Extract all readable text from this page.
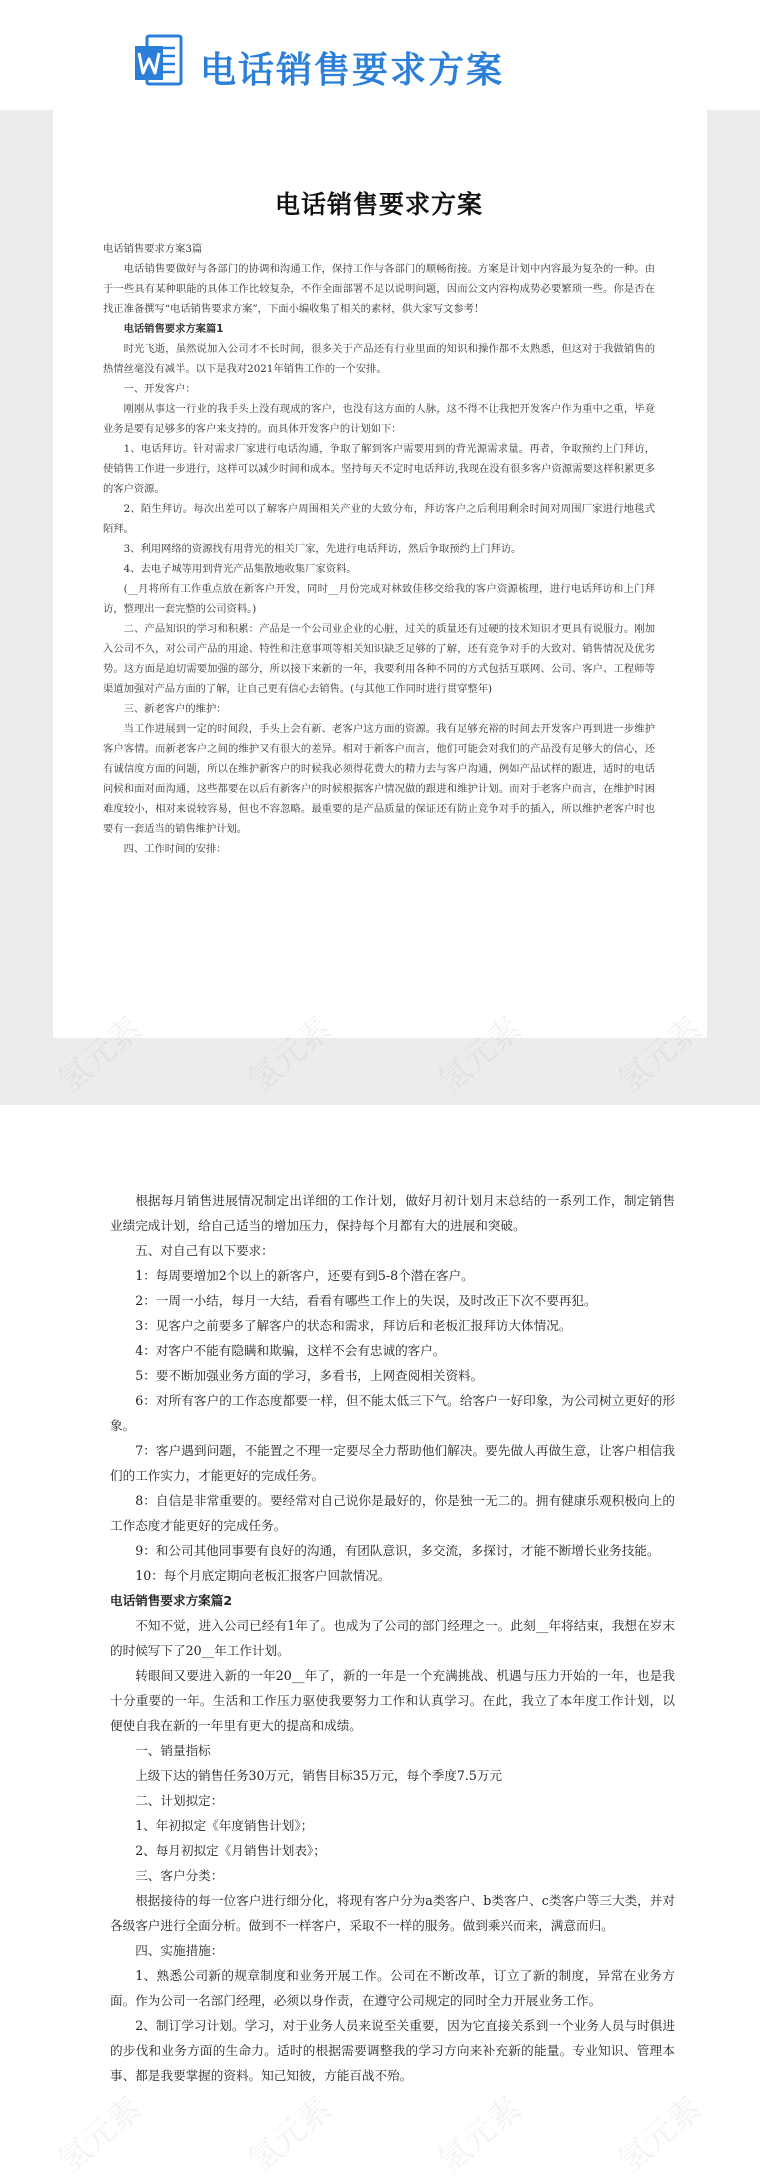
电话销售要求方案
电话销售要求方案

电话销售要求方案3篇

电话销售要做好与各部门的协调和沟通工作，保持工作与各部门的顺畅衔接。方案是计划中内容最为复杂的一种。由于一些具有某种职能的具体工作比较复杂，不作全面部署不足以说明问题，因而公文内容构成势必要繁琐一些。你是否在找正准备撰写“电话销售要求方案”，下面小编收集了相关的素材，供大家写文参考！

电话销售要求方案篇1

时光飞逝，虽然说加入公司才不长时间，很多关于产品还有行业里面的知识和操作都不太熟悉，但这对于我做销售的热情丝毫没有减半。以下是我对2021年销售工作的一个安排。

一、开发客户：

刚刚从事这一行业的我手头上没有现成的客户，也没有这方面的人脉，这不得不让我把开发客户作为重中之重，毕竟业务是要有足够多的客户来支持的。而具体开发客户的计划如下：

1、电话拜访。针对需求厂家进行电话沟通，争取了解到客户需要用到的背光源需求量。再者，争取预约上门拜访，使销售工作进一步进行，这样可以减少时间和成本。坚持每天不定时电话拜访,我现在没有很多客户资源需要这样积累更多的客户资源。

2、陌生拜访。每次出差可以了解客户周围相关产业的大致分布，拜访客户之后利用剩余时间对周围厂家进行地毯式陌拜。

3、利用网络的资源找有用背光的相关厂家，先进行电话拜访，然后争取预约上门拜访。

4、去电子城等用到背光产品集散地收集厂家资料。

(__月将所有工作重点放在新客户开发，同时__月份完成对林致佳移交给我的客户资源梳理，进行电话拜访和上门拜访，整理出一套完整的公司资料。)

二、产品知识的学习和积累：产品是一个公司业企业的心脏，过关的质量还有过硬的技术知识才更具有说服力。刚加入公司不久，对公司产品的用途、特性和注意事项等相关知识缺乏足够的了解，还有竞争对手的大致对、销售情况及优劣势。这方面是迫切需要加强的部分，所以接下来新的一年，我要利用各种不同的方式包括互联网、公司、客户、工程师等渠道加强对产品方面的了解，让自己更有信心去销售。(与其他工作同时进行贯穿整年)

三、新老客户的维护：

当工作进展到一定的时间段，手头上会有新、老客户这方面的资源。我有足够充裕的时间去开发客户再到进一步维护客户客情。而新老客户之间的维护又有很大的差异。相对于新客户而言，他们可能会对我们的产品没有足够大的信心，还有诚信度方面的问题，所以在维护新客户的时候我必须得花费大的精力去与客户沟通，例如产品试样的跟进，适时的电话问候和面对面沟通，这些都要在以后有新客户的时候根据客户情况做的跟进和维护计划。而对于老客户而言，在维护时困难度较小，相对来说较容易，但也不容忽略。最重要的是产品质量的保证还有防止竞争对手的插入，所以维护老客户时也要有一套适当的销售维护计划。

四、工作时间的安排：

根据每月销售进展情况制定出详细的工作计划，做好月初计划月末总结的一系列工作，制定销售业绩完成计划，给自己适当的增加压力，保持每个月都有大的进展和突破。

五、对自己有以下要求：

1：每周要增加2个以上的新客户，还要有到5-8个潜在客户。

2：一周一小结，每月一大结，看看有哪些工作上的失误，及时改正下次不要再犯。

3：见客户之前要多了解客户的状态和需求，拜访后和老板汇报拜访大体情况。

4：对客户不能有隐瞒和欺骗，这样不会有忠诚的客户。

5：要不断加强业务方面的学习，多看书，上网查阅相关资料。

6：对所有客户的工作态度都要一样，但不能太低三下气。给客户一好印象，为公司树立更好的形象。

7：客户遇到问题，不能置之不理一定要尽全力帮助他们解决。要先做人再做生意，让客户相信我们的工作实力，才能更好的完成任务。

8：自信是非常重要的。要经常对自己说你是最好的，你是独一无二的。拥有健康乐观积极向上的工作态度才能更好的完成任务。

9：和公司其他同事要有良好的沟通，有团队意识，多交流，多探讨，才能不断增长业务技能。

10：每个月底定期向老板汇报客户回款情况。

电话销售要求方案篇2

不知不觉，进入公司已经有1年了。也成为了公司的部门经理之一。此刻__年将结束，我想在岁末的时候写下了20__年工作计划。

转眼间又要进入新的一年20__年了，新的一年是一个充满挑战、机遇与压力开始的一年，也是我十分重要的一年。生活和工作压力驱使我要努力工作和认真学习。在此，我立了本年度工作计划，以便使自我在新的一年里有更大的提高和成绩。

一、销量指标

上级下达的销售任务30万元，销售目标35万元，每个季度7.5万元

二、计划拟定：

1、年初拟定《年度销售计划》；

2、每月初拟定《月销售计划表》；

三、客户分类：

根据接待的每一位客户进行细分化，将现有客户分为a类客户、b类客户、c类客户等三大类，并对各级客户进行全面分析。做到不一样客户，采取不一样的服务。做到乘兴而来，满意而归。

四、实施措施：

1、熟悉公司新的规章制度和业务开展工作。公司在不断改革，订立了新的制度，异常在业务方面。作为公司一名部门经理，必须以身作责，在遵守公司规定的同时全力开展业务工作。

2、制订学习计划。学习，对于业务人员来说至关重要，因为它直接关系到一个业务人员与时俱进的步伐和业务方面的生命力。适时的根据需要调整我的学习方向来补充新的能量。专业知识、管理本事、都是我要掌握的资料。知己知彼，方能百战不殆。
